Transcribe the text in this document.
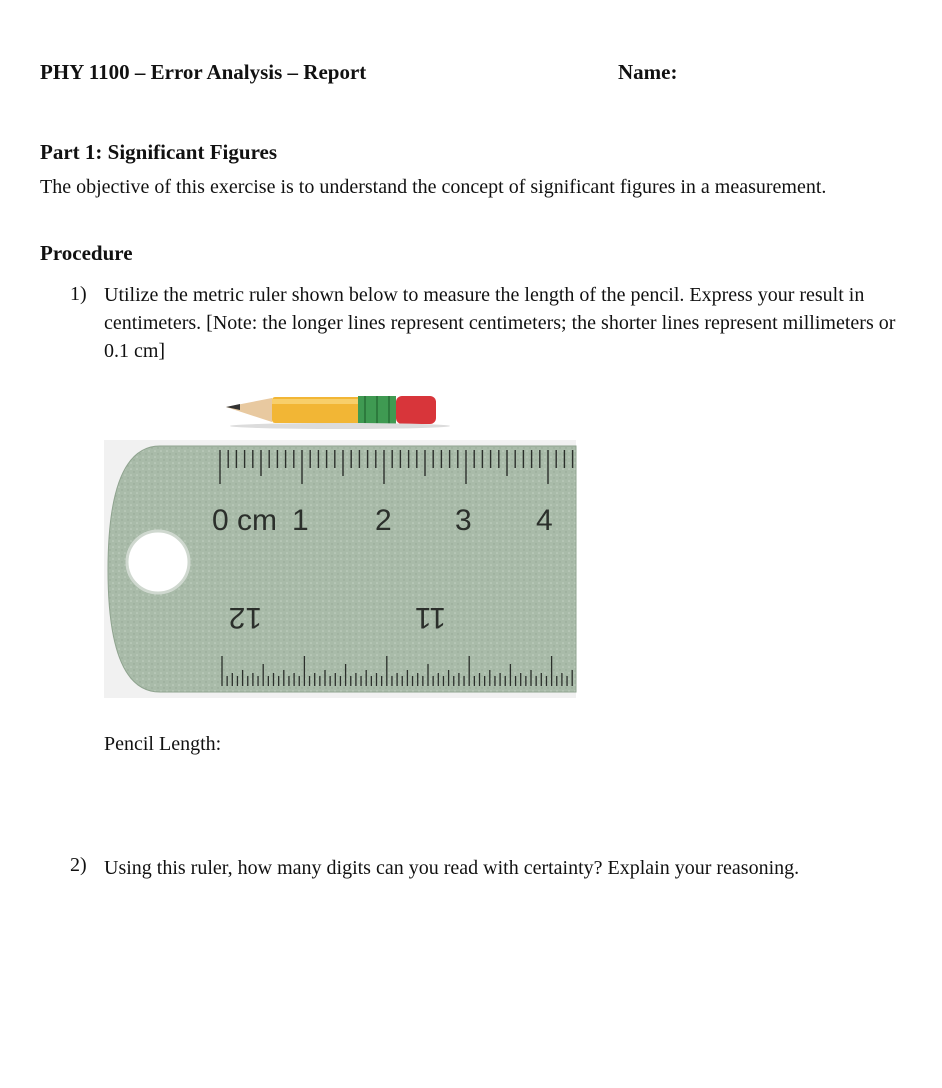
PHY 1100 – Error Analysis – Report	Name:
Part 1: Significant Figures
The objective of this exercise is to understand the concept of significant figures in a measurement.
Procedure
1) Utilize the metric ruler shown below to measure the length of the pencil. Express your result in centimeters. [Note: the longer lines represent centimeters; the shorter lines represent millimeters or 0.1 cm]
0 cm 1 2 3 4
12	11
Pencil Length:
2) Using this ruler, how many digits can you read with certainty? Explain your reasoning.
